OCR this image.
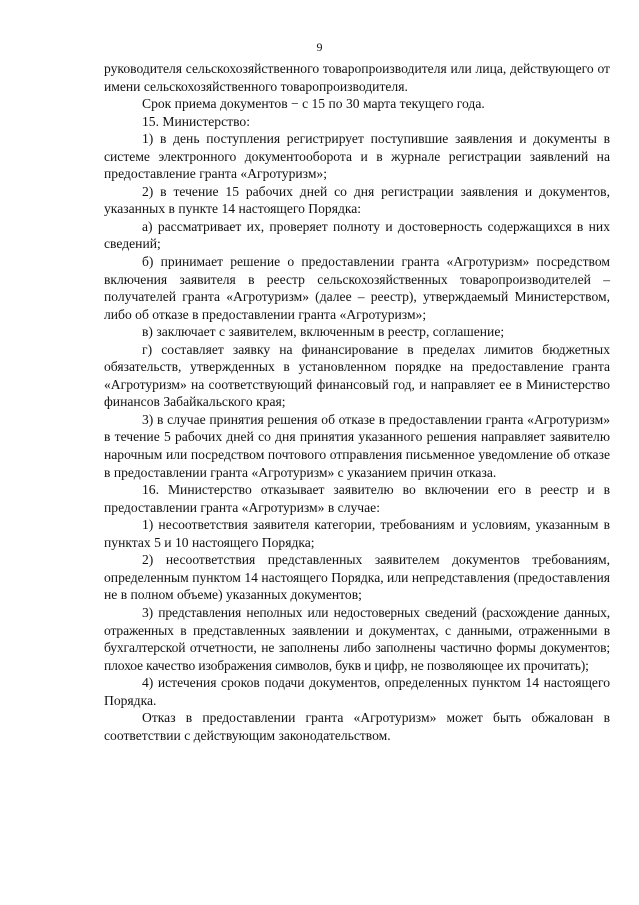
9

руководителя сельскохозяйственного товаропроизводителя или лица, действующего от имени сельскохозяйственного товаропроизводителя.

Срок приема документов − с 15 по 30 марта текущего года.

15. Министерство:

1) в день поступления регистрирует поступившие заявления и документы в системе электронного документооборота и в журнале регистрации заявлений на предоставление гранта «Агротуризм»;

2) в течение 15 рабочих дней со дня регистрации заявления и документов, указанных в пункте 14 настоящего Порядка:

а) рассматривает их, проверяет полноту и достоверность содержащихся в них сведений;

б) принимает решение о предоставлении гранта «Агротуризм» посредством включения заявителя в реестр сельскохозяйственных товаропроизводителей – получателей гранта «Агротуризм» (далее – реестр), утверждаемый Министерством, либо об отказе в предоставлении гранта «Агротуризм»;

в) заключает с заявителем, включенным в реестр, соглашение;

г) составляет заявку на финансирование в пределах лимитов бюджетных обязательств, утвержденных в установленном порядке на предоставление гранта «Агротуризм» на соответствующий финансовый год, и направляет ее в Министерство финансов Забайкальского края;

3) в случае принятия решения об отказе в предоставлении гранта «Агротуризм» в течение 5 рабочих дней со дня принятия указанного решения направляет заявителю нарочным или посредством почтового отправления письменное уведомление об отказе в предоставлении гранта «Агротуризм» с указанием причин отказа.

16. Министерство отказывает заявителю во включении его в реестр и в предоставлении гранта «Агротуризм» в случае:

1) несоответствия заявителя категории, требованиям и условиям, указанным в пунктах 5 и 10 настоящего Порядка;

2) несоответствия представленных заявителем документов требованиям, определенным пунктом 14 настоящего Порядка, или непредставления (предоставления не в полном объеме) указанных документов;

3) представления неполных или недостоверных сведений (расхождение данных, отраженных в представленных заявлении и документах, с данными, отраженными в бухгалтерской отчетности, не заполнены либо заполнены частично формы документов; плохое качество изображения символов, букв и цифр, не позволяющее их прочитать);

4) истечения сроков подачи документов, определенных пунктом 14 настоящего Порядка.

Отказ в предоставлении гранта «Агротуризм» может быть обжалован в соответствии с действующим законодательством.
